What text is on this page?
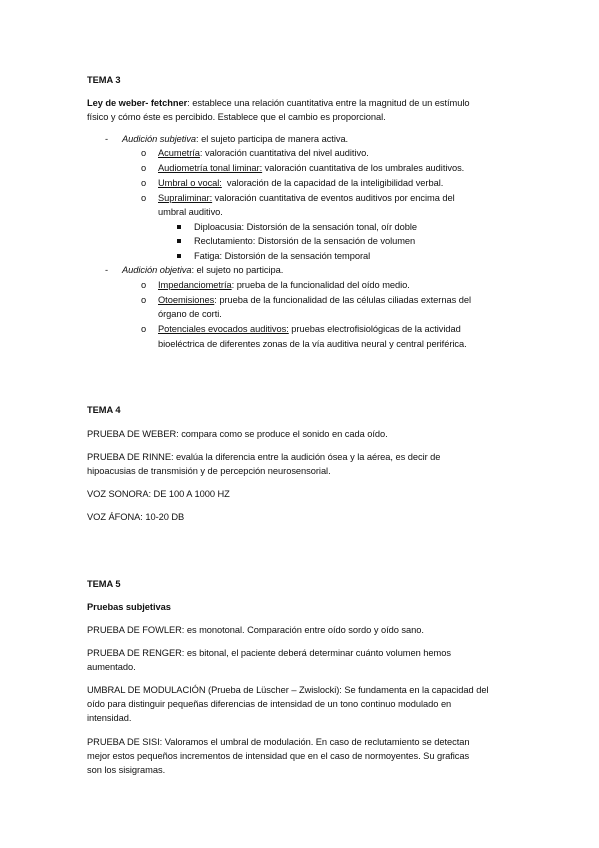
TEMA 3
Ley de weber- fetchner: establece una relación cuantitativa entre la magnitud de un estímulo
físico y cómo éste es percibido. Establece que el cambio es proporcional.
- Audición subjetiva: el sujeto participa de manera activa.
o Acumetría: valoración cuantitativa del nivel auditivo.
o Audiometría tonal liminar: valoración cuantitativa de los umbrales auditivos.
o Umbral o vocal:  valoración de la capacidad de la inteligibilidad verbal.
o Supraliminar: valoración cuantitativa de eventos auditivos por encima del
umbral auditivo.
Diploacusia: Distorsión de la sensación tonal, oír doble
Reclutamiento: Distorsión de la sensación de volumen
Fatiga: Distorsión de la sensación temporal
- Audición objetiva: el sujeto no participa.
o Impedanciometría: prueba de la funcionalidad del oído medio.
o Otoemisiones: prueba de la funcionalidad de las células ciliadas externas del
órgano de corti.
o Potenciales evocados auditivos: pruebas electrofisiológicas de la actividad
bioeléctrica de diferentes zonas de la vía auditiva neural y central periférica.
TEMA 4
PRUEBA DE WEBER: compara como se produce el sonido en cada oído.
PRUEBA DE RINNE: evalúa la diferencia entre la audición ósea y la aérea, es decir de
hipoacusias de transmisión y de percepción neurosensorial.
VOZ SONORA: DE 100 A 1000 HZ
VOZ ÁFONA: 10-20 DB
TEMA 5
Pruebas subjetivas
PRUEBA DE FOWLER: es monotonal. Comparación entre oído sordo y oído sano.
PRUEBA DE RENGER: es bitonal, el paciente deberá determinar cuánto volumen hemos
aumentado.
UMBRAL DE MODULACIÓN (Prueba de Lüscher – Zwislocki): Se fundamenta en la capacidad del
oído para distinguir pequeñas diferencias de intensidad de un tono continuo modulado en
intensidad.
PRUEBA DE SISI: Valoramos el umbral de modulación. En caso de reclutamiento se detectan
mejor estos pequeños incrementos de intensidad que en el caso de normoyentes. Su graficas
son los sisigramas.
